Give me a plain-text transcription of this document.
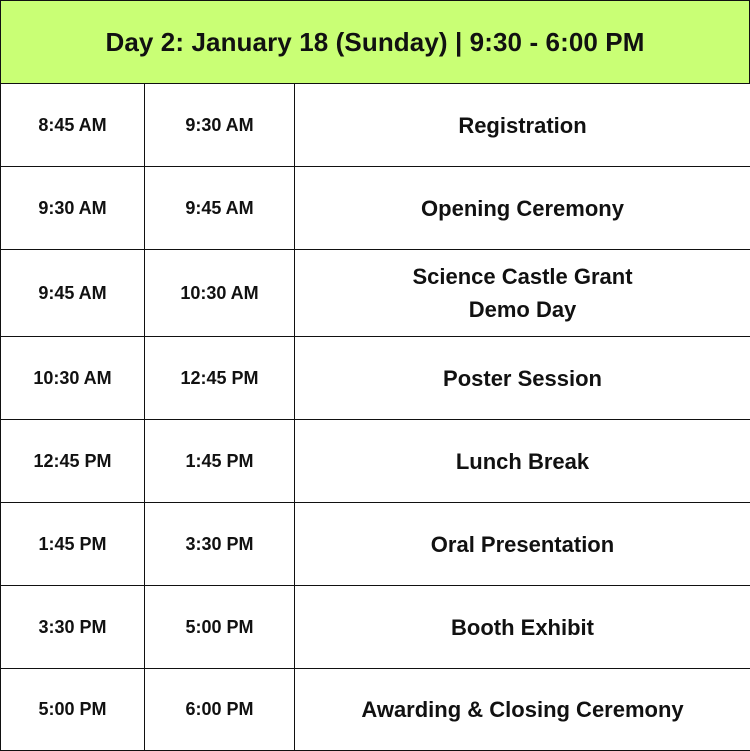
Day 2: January 18 (Sunday) | 9:30 - 6:00 PM
8:45 AM	9:30 AM	Registration

9:30 AM	9:45 AM	Opening Ceremony

9:45 AM	10:30 AM	Science Castle Grant
Demo Day

10:30 AM	12:45 PM	Poster Session

12:45 PM	1:45 PM	Lunch Break

1:45 PM	3:30 PM	Oral Presentation

3:30 PM	5:00 PM	Booth Exhibit

5:00 PM	6:00 PM	Awarding & Closing Ceremony
